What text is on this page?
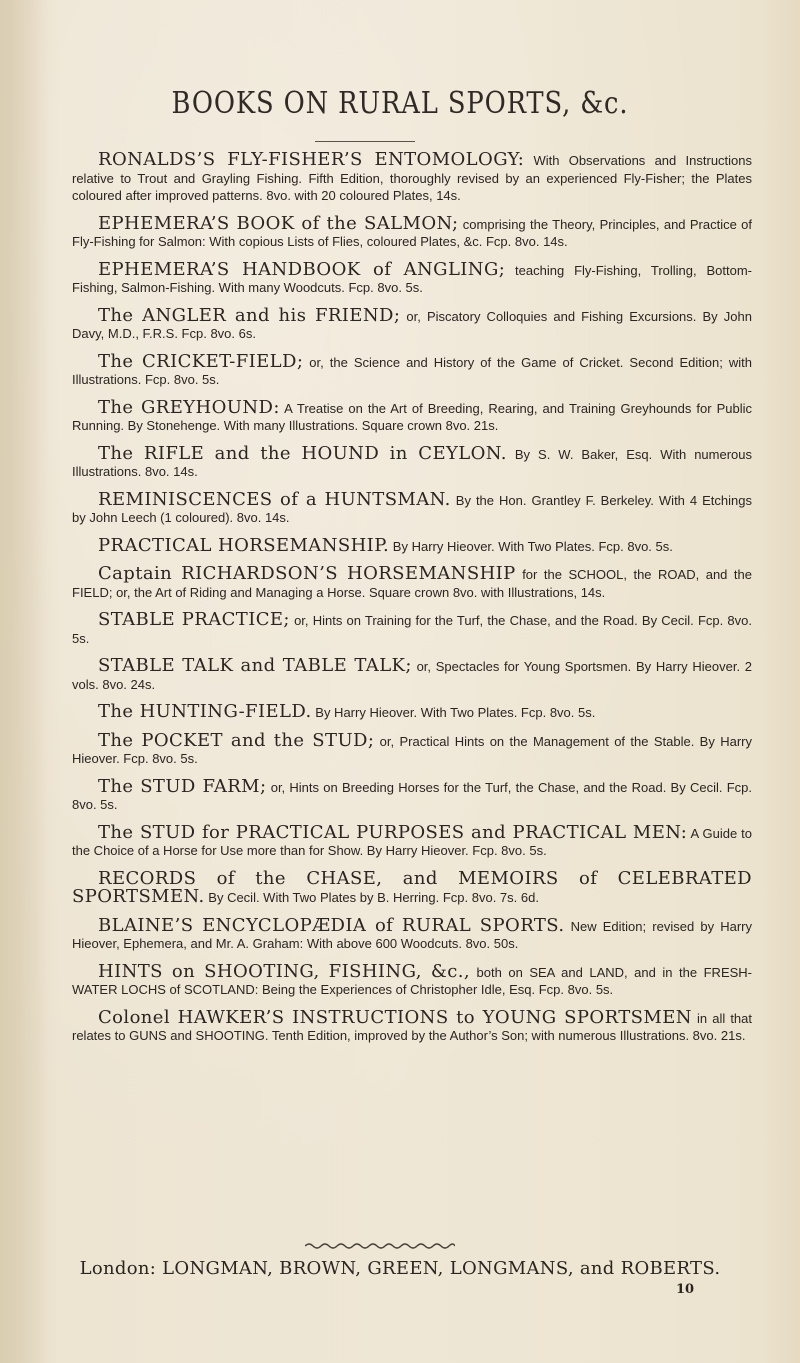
BOOKS ON RURAL SPORTS, &c.

RONALDS’S FLY-FISHER’S ENTOMOLOGY: With Observations and Instructions relative to Trout and Grayling Fishing. Fifth Edition, thoroughly revised by an experienced Fly-Fisher; the Plates coloured after improved patterns. 8vo. with 20 coloured Plates, 14s.

EPHEMERA’S BOOK of the SALMON; comprising the Theory, Principles, and Practice of Fly-Fishing for Salmon: With copious Lists of Flies, coloured Plates, &c. Fcp. 8vo. 14s.

EPHEMERA’S HANDBOOK of ANGLING; teaching Fly-Fishing, Trolling, Bottom-Fishing, Salmon-Fishing. With many Woodcuts. Fcp. 8vo. 5s.

The ANGLER and his FRIEND; or, Piscatory Colloquies and Fishing Excursions. By John Davy, M.D., F.R.S. Fcp. 8vo. 6s.

The CRICKET-FIELD; or, the Science and History of the Game of Cricket. Second Edition; with Illustrations. Fcp. 8vo. 5s.

The GREYHOUND: A Treatise on the Art of Breeding, Rearing, and Training Greyhounds for Public Running. By Stonehenge. With many Illustrations. Square crown 8vo. 21s.

The RIFLE and the HOUND in CEYLON. By S. W. Baker, Esq. With numerous Illustrations. 8vo. 14s.

REMINISCENCES of a HUNTSMAN. By the Hon. Grantley F. Berkeley. With 4 Etchings by John Leech (1 coloured). 8vo. 14s.

PRACTICAL HORSEMANSHIP. By Harry Hieover. With Two Plates. Fcp. 8vo. 5s.

Captain RICHARDSON’S HORSEMANSHIP for the SCHOOL, the ROAD, and the FIELD; or, the Art of Riding and Managing a Horse. Square crown 8vo. with Illustrations, 14s.

STABLE PRACTICE; or, Hints on Training for the Turf, the Chase, and the Road. By Cecil. Fcp. 8vo. 5s.

STABLE TALK and TABLE TALK; or, Spectacles for Young Sportsmen. By Harry Hieover. 2 vols. 8vo. 24s.

The HUNTING-FIELD. By Harry Hieover. With Two Plates. Fcp. 8vo. 5s.

The POCKET and the STUD; or, Practical Hints on the Management of the Stable. By Harry Hieover. Fcp. 8vo. 5s.

The STUD FARM; or, Hints on Breeding Horses for the Turf, the Chase, and the Road. By Cecil. Fcp. 8vo. 5s.

The STUD for PRACTICAL PURPOSES and PRACTICAL MEN: A Guide to the Choice of a Horse for Use more than for Show. By Harry Hieover. Fcp. 8vo. 5s.

RECORDS of the CHASE, and MEMOIRS of CELEBRATED SPORTSMEN. By Cecil. With Two Plates by B. Herring. Fcp. 8vo. 7s. 6d.

BLAINE’S ENCYCLOPÆDIA of RURAL SPORTS. New Edition; revised by Harry Hieover, Ephemera, and Mr. A. Graham: With above 600 Woodcuts. 8vo. 50s.

HINTS on SHOOTING, FISHING, &c., both on SEA and LAND, and in the FRESH-WATER LOCHS of SCOTLAND: Being the Experiences of Christopher Idle, Esq. Fcp. 8vo. 5s.

Colonel HAWKER’S INSTRUCTIONS to YOUNG SPORTSMEN in all that relates to GUNS and SHOOTING. Tenth Edition, improved by the Author’s Son; with numerous Illustrations. 8vo. 21s.

London: LONGMAN, BROWN, GREEN, LONGMANS, and ROBERTS.
10
